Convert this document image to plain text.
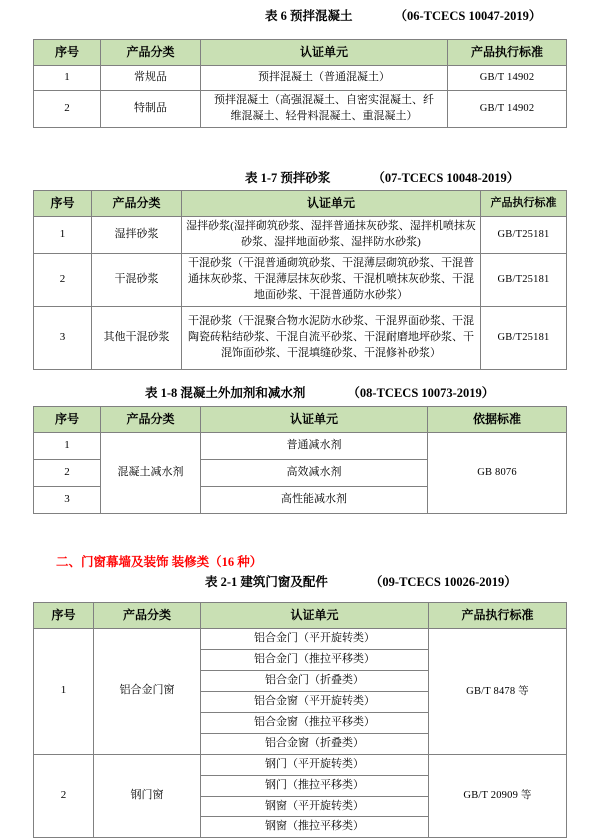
表 6 预拌混凝土	（06-TCECS 10047-2019）
序号	产品分类	认证单元	产品执行标准
1	常规品	预拌混凝土（普通混凝土）	GB/T 14902
2	特制品	预拌混凝土（高强混凝土、自密实混凝土、纤维混凝土、轻骨料混凝土、重混凝土）	GB/T 14902
表 1-7 预拌砂浆	（07-TCECS 10048-2019）
序号	产品分类	认证单元	产品执行标准
1	湿拌砂浆	湿拌砂浆(湿拌砌筑砂浆、湿拌普通抹灰砂浆、湿拌机喷抹灰砂浆、湿拌地面砂浆、湿拌防水砂浆)	GB/T25181
2	干混砂浆	干混砂浆（干混普通砌筑砂浆、干混薄层砌筑砂浆、干混普通抹灰砂浆、干混薄层抹灰砂浆、干混机喷抹灰砂浆、干混地面砂浆、干混普通防水砂浆）	GB/T25181
3	其他干混砂浆	干混砂浆（干混聚合物水泥防水砂浆、干混界面砂浆、干混陶瓷砖粘结砂浆、干混自流平砂浆、干混耐磨地坪砂浆、干混饰面砂浆、干混填缝砂浆、干混修补砂浆）	GB/T25181
表 1-8 混凝土外加剂和减水剂	（08-TCECS 10073-2019）
序号	产品分类	认证单元	依据标准
1	混凝土减水剂	普通减水剂	GB 8076
2		高效减水剂	
3		高性能减水剂	
二、门窗幕墙及装饰 装修类（16 种）
表 2-1 建筑门窗及配件	（09-TCECS 10026-2019）
序号	产品分类	认证单元	产品执行标准
1	铝合金门窗	铝合金门（平开旋转类）	GB/T 8478 等
		铝合金门（推拉平移类）	
		铝合金门（折叠类）	
		铝合金窗（平开旋转类）	
		铝合金窗（推拉平移类）	
		铝合金窗（折叠类）	
2	钢门窗	钢门（平开旋转类）	GB/T 20909 等
		钢门（推拉平移类）	
		钢窗（平开旋转类）	
		钢窗（推拉平移类）	
